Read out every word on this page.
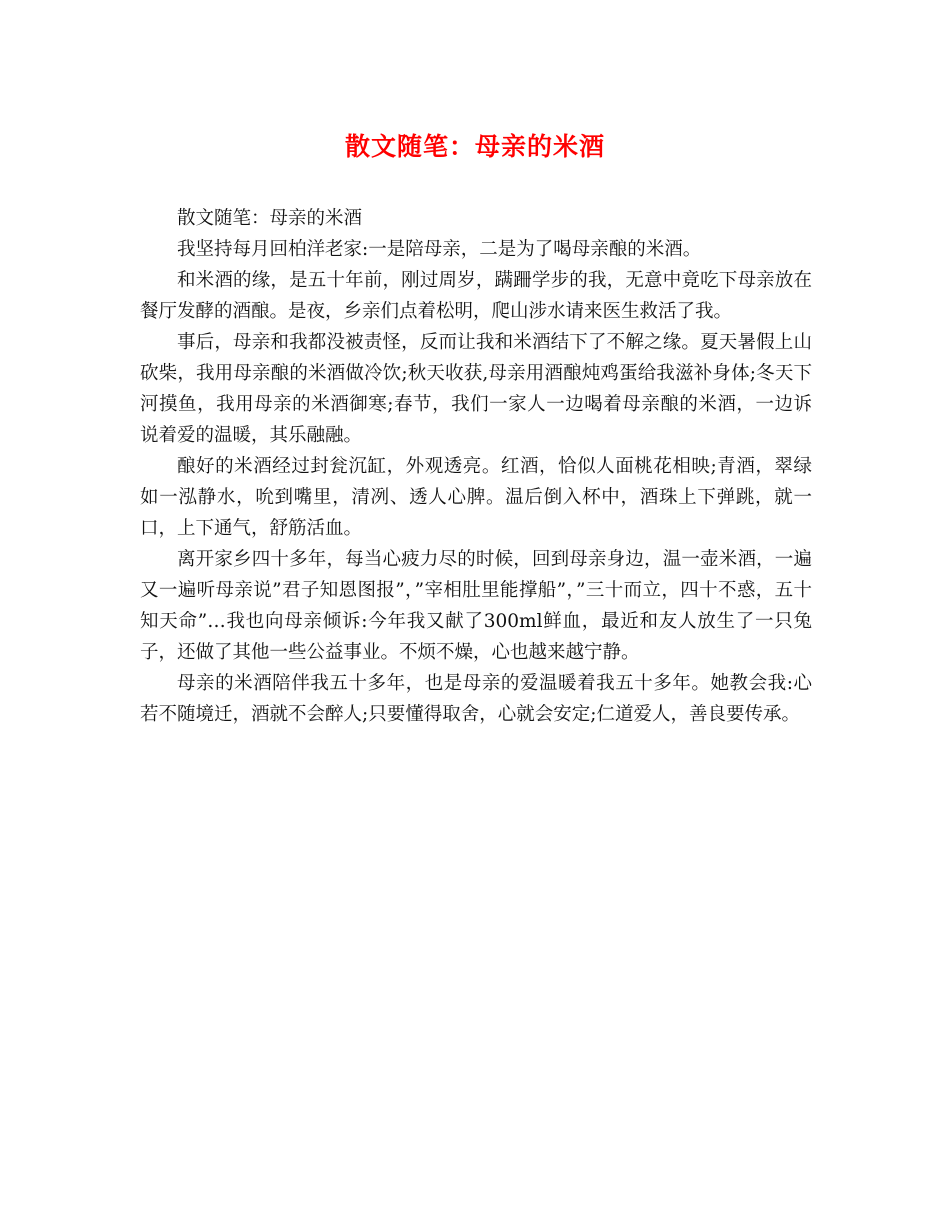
散文随笔：母亲的米酒

散文随笔：母亲的米酒

我坚持每月回柏洋老家:一是陪母亲，二是为了喝母亲酿的米酒。

和米酒的缘，是五十年前，刚过周岁，蹒跚学步的我，无意中竟吃下母亲放在餐厅发酵的酒酿。是夜，乡亲们点着松明，爬山涉水请来医生救活了我。

事后，母亲和我都没被责怪，反而让我和米酒结下了不解之缘。夏天暑假上山砍柴，我用母亲酿的米酒做冷饮;秋天收获,母亲用酒酿炖鸡蛋给我滋补身体;冬天下河摸鱼，我用母亲的米酒御寒;春节，我们一家人一边喝着母亲酿的米酒，一边诉说着爱的温暖，其乐融融。

酿好的米酒经过封瓮沉缸，外观透亮。红酒，恰似人面桃花相映;青酒，翠绿如一泓静水，吮到嘴里，清冽、透人心脾。温后倒入杯中，酒珠上下弹跳，就一口，上下通气，舒筋活血。

离开家乡四十多年，每当心疲力尽的时候，回到母亲身边，温一壶米酒，一遍又一遍听母亲说”君子知恩图报”，”宰相肚里能撑船”，”三十而立，四十不惑，五十知天命”…我也向母亲倾诉:今年我又献了300ml鲜血，最近和友人放生了一只兔子，还做了其他一些公益事业。不烦不燥，心也越来越宁静。

母亲的米酒陪伴我五十多年，也是母亲的爱温暖着我五十多年。她教会我:心若不随境迁，酒就不会醉人;只要懂得取舍，心就会安定;仁道爱人，善良要传承。
